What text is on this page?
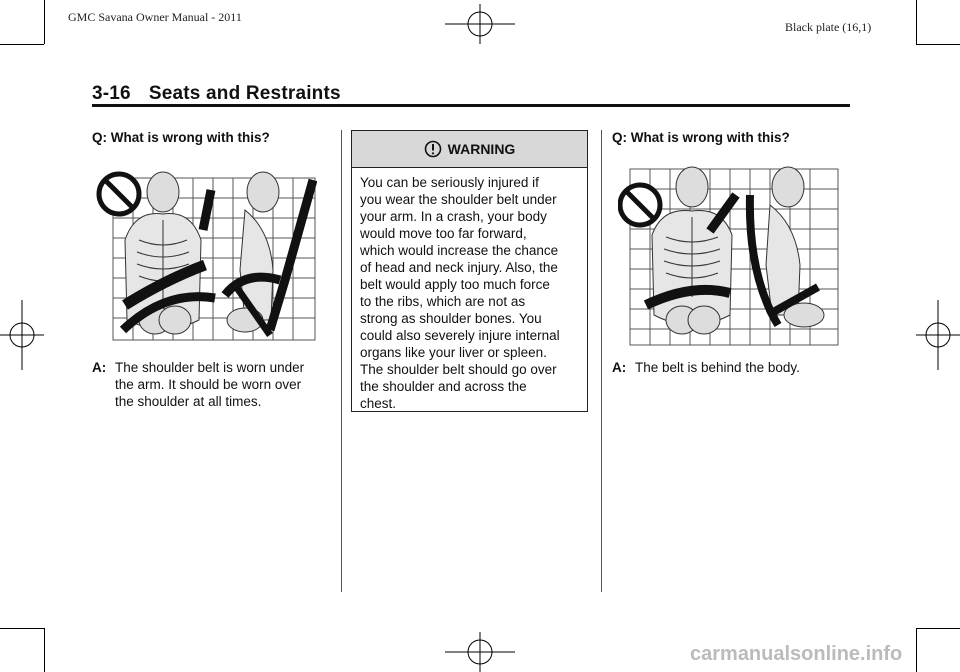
GMC Savana Owner Manual - 2011
Black plate (16,1)
3-16 Seats and Restraints
Q: What is wrong with this?
A: The shoulder belt is worn under
the arm. It should be worn over
the shoulder at all times.
WARNING
You can be seriously injured if
you wear the shoulder belt under
your arm. In a crash, your body
would move too far forward,
which would increase the chance
of head and neck injury. Also, the
belt would apply too much force
to the ribs, which are not as
strong as shoulder bones. You
could also severely injure internal
organs like your liver or spleen.
The shoulder belt should go over
the shoulder and across the
chest.
Q: What is wrong with this?
A: The belt is behind the body.
carmanualsonline.info
